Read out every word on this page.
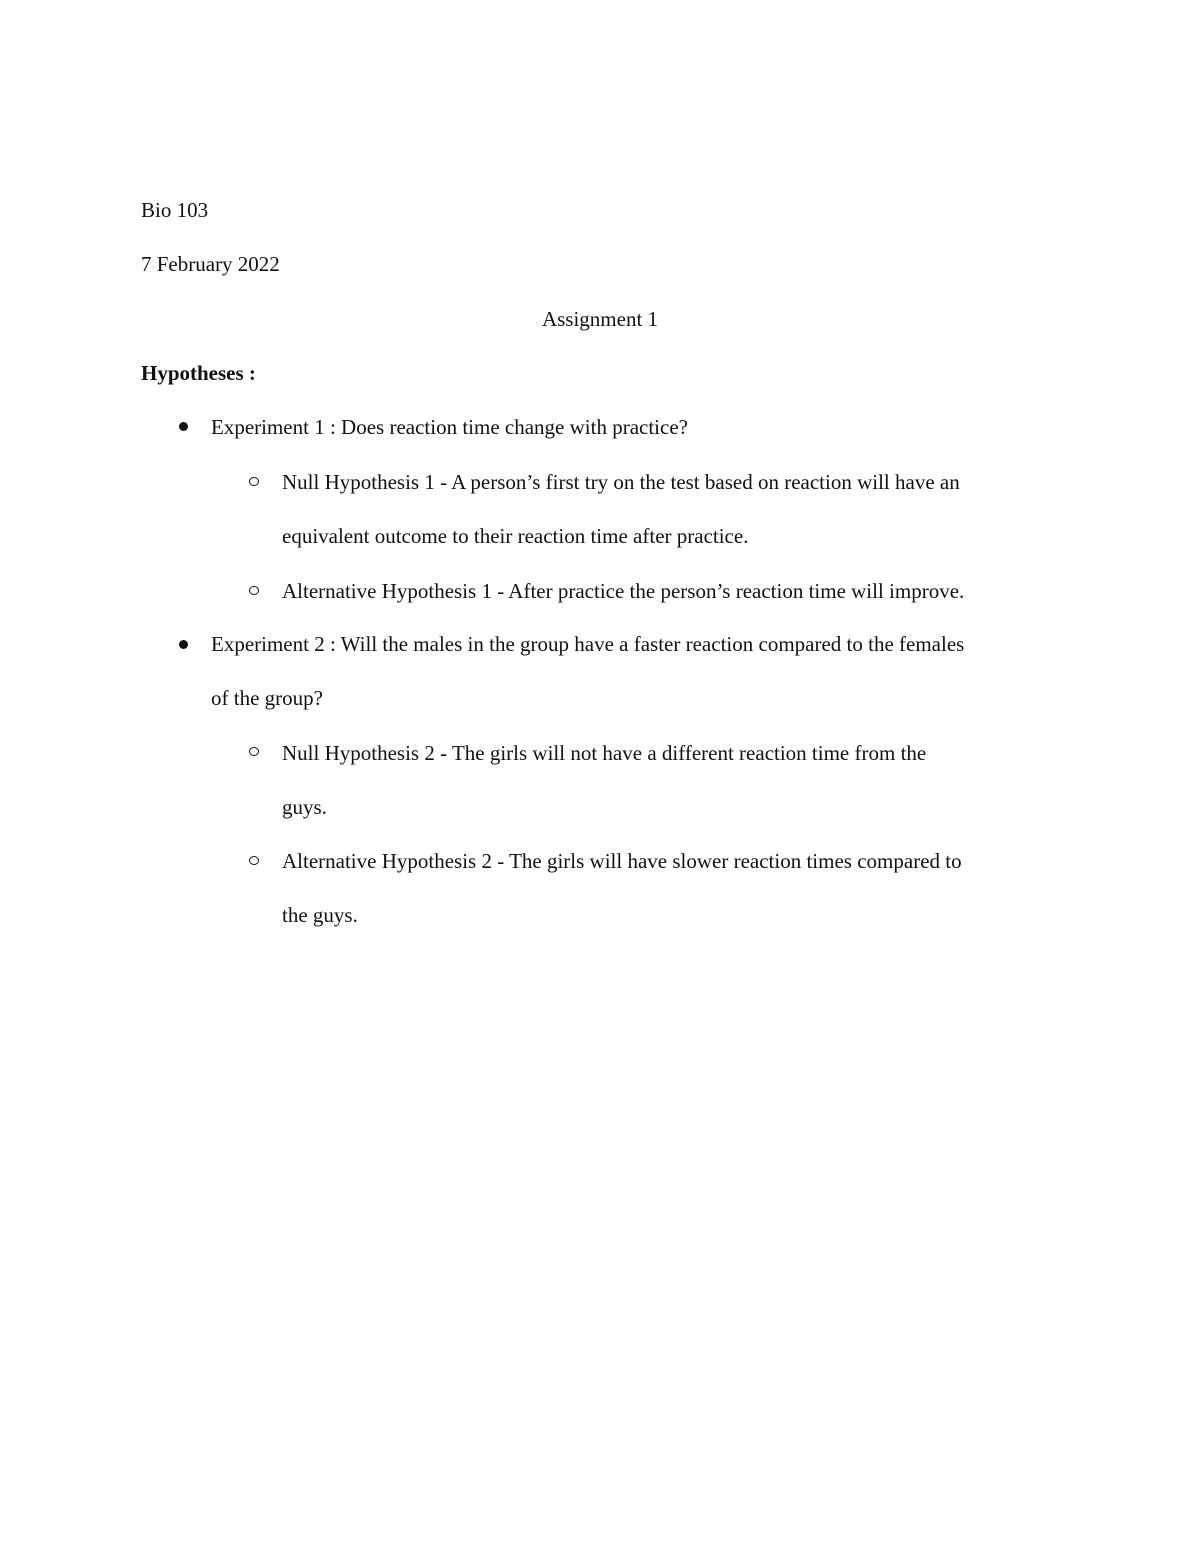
Bio 103

7 February 2022

Assignment 1

Hypotheses :

Experiment 1 : Does reaction time change with practice?

Null Hypothesis 1 - A person’s first try on the test based on reaction will have an

equivalent outcome to their reaction time after practice.

Alternative Hypothesis 1 - After practice the person’s reaction time will improve.

Experiment 2 : Will the males in the group have a faster reaction compared to the females

of the group?

Null Hypothesis 2 - The girls will not have a different reaction time from the

guys.

Alternative Hypothesis 2 - The girls will have slower reaction times compared to

the guys.
